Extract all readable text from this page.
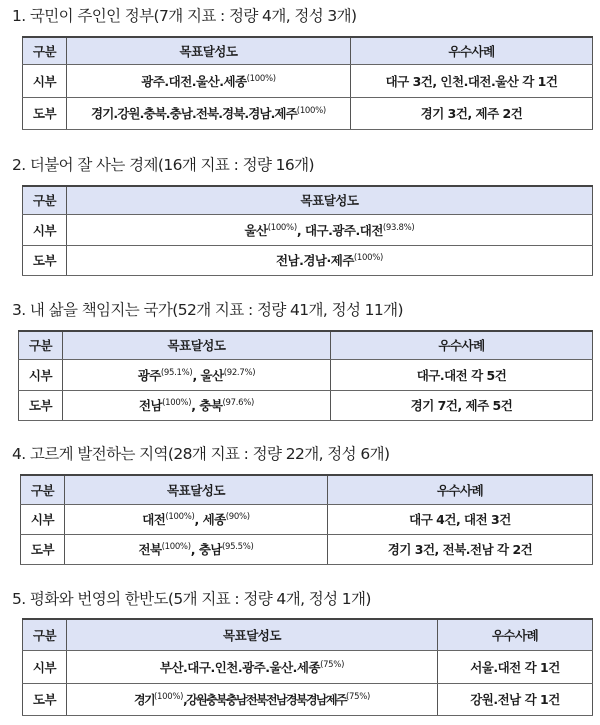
1. 국민이 주인인 정부(7개 지표 : 정량 4개, 정성 3개)
구분	목표달성도	우수사례
시부	광주.대전.울산.세종$^{(100\%)}$	대구 3건, 인천.대전.울산 각 1건
도부	경기.강원.충북.충남.전북.경북.경남.제주$^{(100\%)}$	경기 3건, 제주 2건
2. 더불어 잘 사는 경제(16개 지표 : 정량 16개)
구분	목표달성도
시부	울산$^{(100\%)}$, 대구.광주.대전$^{(93.8\%)}$
도부	전남.경남·제주$^{(100\%)}$
3. 내 삶을 책임지는 국가(52개 지표 : 정량 41개, 정성 11개)
구분	목표달성도	우수사례
시부	광주$^{(95.1\%)}$, 울산$^{(92.7\%)}$	대구.대전 각 5건
도부	전남$^{(100\%)}$, 충북$^{(97.6\%)}$	경기 7건, 제주 5건
4. 고르게 발전하는 지역(28개 지표 : 정량 22개, 정성 6개)
구분	목표달성도	우수사례
시부	대전$^{(100\%)}$, 세종$^{(90\%)}$	대구 4건, 대전 3건
도부	전북$^{(100\%)}$, 충남$^{(95.5\%)}$	경기 3건, 전북.전남 각 2건
5. 평화와 번영의 한반도(5개 지표 : 정량 4개, 정성 1개)
구분	목표달성도	우수사례
시부	부산.대구.인천.광주.울산.세종$^{(75\%)}$	서울.대전 각 1건
도부	경기$^{(100\%)}$,강원충북충남전북전남경북경남제주$^{(75\%)}$	강원.전남 각 1건
